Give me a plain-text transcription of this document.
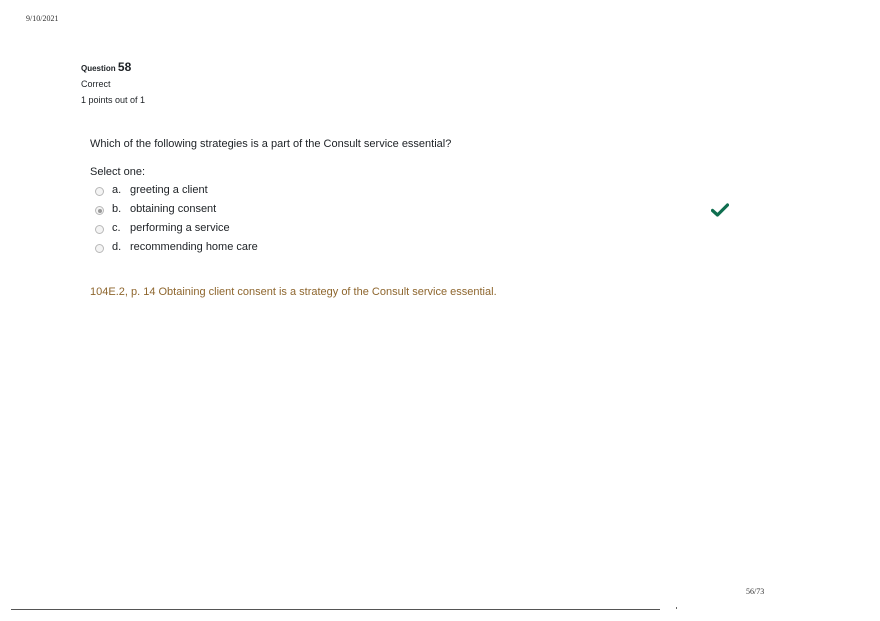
9/10/2021
Question 58
Correct
1 points out of 1
Which of the following strategies is a part of the Consult service essential?
Select one:
a. greeting a client
b. obtaining consent
c. performing a service
d. recommending home care
104E.2, p. 14 Obtaining client consent is a strategy of the Consult service essential.
56/73
